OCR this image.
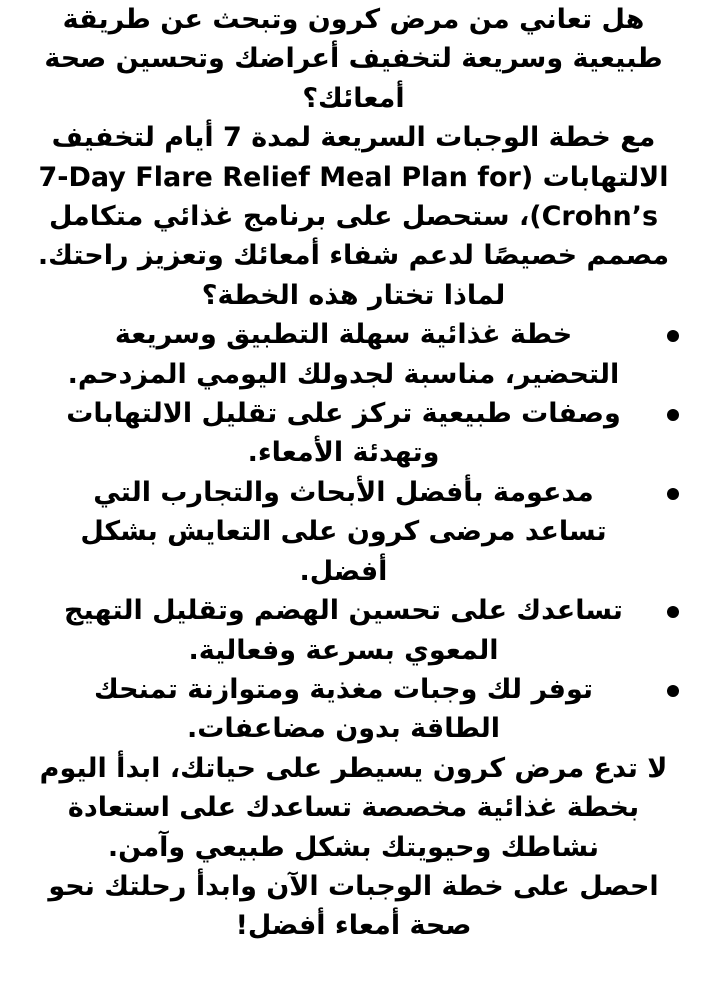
هل تعاني من مرض كرون وتبحث عن طريقة طبيعية وسريعة لتخفيف أعراضك وتحسين صحة أمعائك؟

مع خطة الوجبات السريعة لمدة 7 أيام لتخفيف الالتهابات (7-Day Flare Relief Meal Plan for Crohn’s)، ستحصل على برنامج غذائي متكامل مصمم خصيصًا لدعم شفاء أمعائك وتعزيز راحتك.

لماذا تختار هذه الخطة؟

خطة غذائية سهلة التطبيق وسريعة التحضير، مناسبة لجدولك اليومي المزدحم.
وصفات طبيعية تركز على تقليل الالتهابات وتهدئة الأمعاء.
مدعومة بأفضل الأبحاث والتجارب التي تساعد مرضى كرون على التعايش بشكل أفضل.
تساعدك على تحسين الهضم وتقليل التهيج المعوي بسرعة وفعالية.
توفر لك وجبات مغذية ومتوازنة تمنحك الطاقة بدون مضاعفات.

لا تدع مرض كرون يسيطر على حياتك، ابدأ اليوم بخطة غذائية مخصصة تساعدك على استعادة نشاطك وحيويتك بشكل طبيعي وآمن.

احصل على خطة الوجبات الآن وابدأ رحلتك نحو صحة أمعاء أفضل!
